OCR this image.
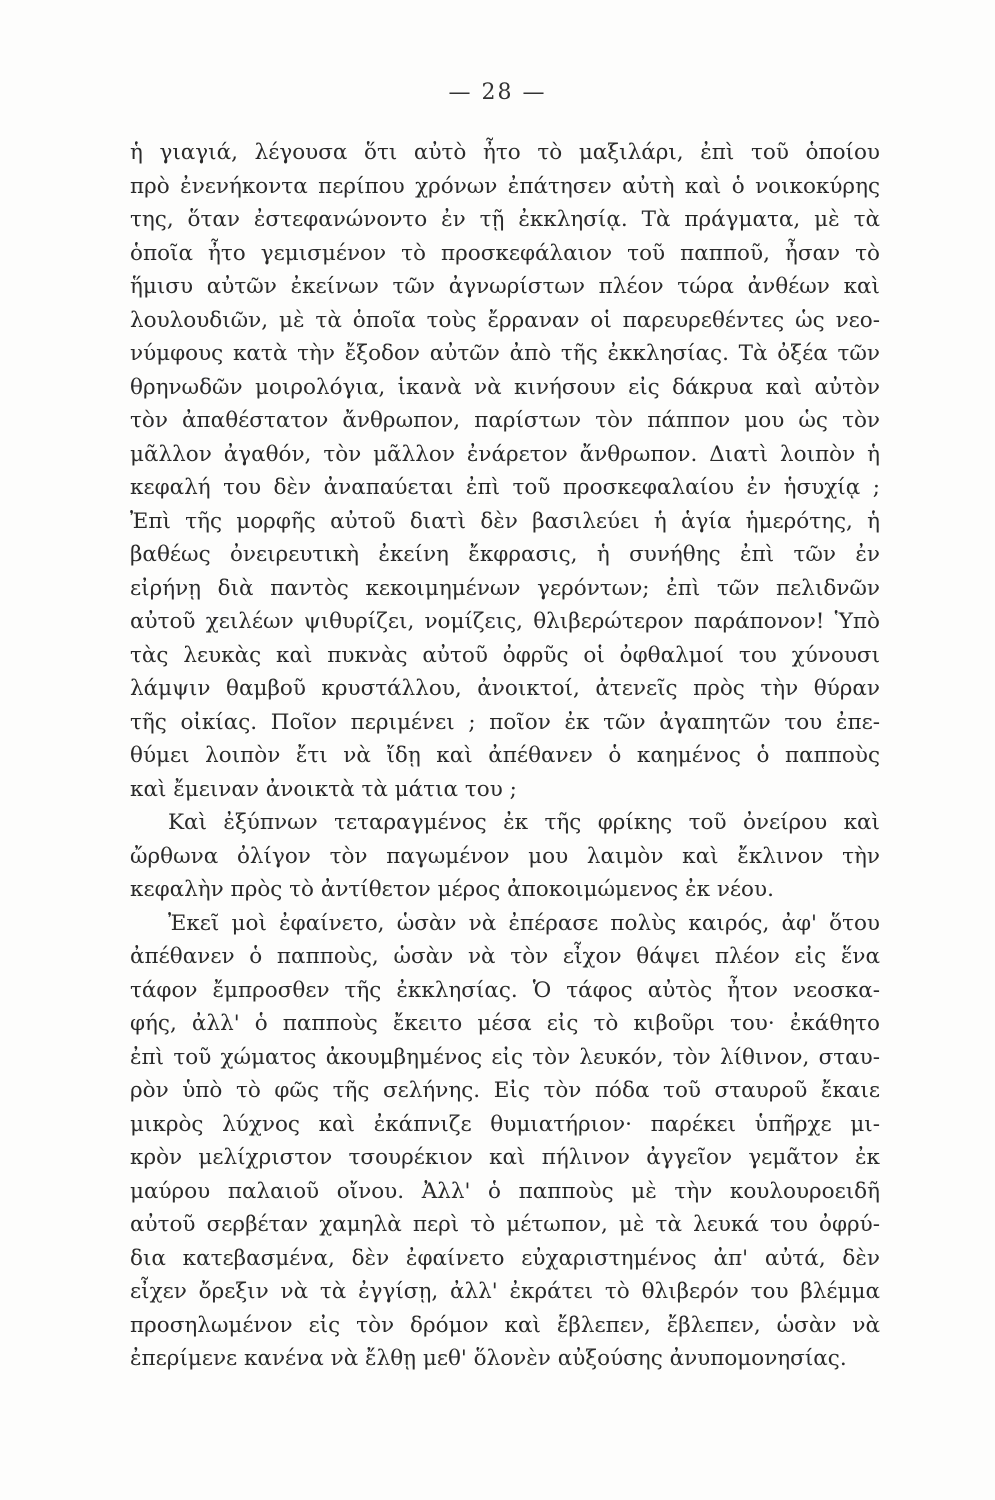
— 28 —
ἡ γιαγιά, λέγουσα ὅτι αὐτὸ ἦτο τὸ μαξιλάρι, ἐπὶ τοῦ ὁποίου
πρὸ ἐνενήκοντα περίπου χρόνων ἐπάτησεν αὐτὴ καὶ ὁ νοικοκύρης
της, ὅταν ἐστεφανώνοντο ἐν τῇ ἐκκλησίᾳ. Τὰ πράγματα, μὲ τὰ
ὁποῖα ἦτο γεμισμένον τὸ προσκεφάλαιον τοῦ παπποῦ, ἦσαν τὸ
ἥμισυ αὐτῶν ἐκείνων τῶν ἀγνωρίστων πλέον τώρα ἀνθέων καὶ
λουλουδιῶν, μὲ τὰ ὁποῖα τοὺς ἔρραναν οἱ παρευρεθέντες ὡς νεο-
νύμφους κατὰ τὴν ἔξοδον αὐτῶν ἀπὸ τῆς ἐκκλησίας. Τὰ ὀξέα τῶν
θρηνωδῶν μοιρολόγια, ἱκανὰ νὰ κινήσουν εἰς δάκρυα καὶ αὐτὸν
τὸν ἀπαθέστατον ἄνθρωπον, παρίστων τὸν πάππον μου ὡς τὸν
μᾶλλον ἀγαθόν, τὸν μᾶλλον ἐνάρετον ἄνθρωπον. Διατὶ λοιπὸν ἡ
κεφαλή του δὲν ἀναπαύεται ἐπὶ τοῦ προσκεφαλαίου ἐν ἡσυχίᾳ ;
Ἐπὶ τῆς μορφῆς αὐτοῦ διατὶ δὲν βασιλεύει ἡ ἁγία ἡμερότης, ἡ
βαθέως ὀνειρευτικὴ ἐκείνη ἔκφρασις, ἡ συνήθης ἐπὶ τῶν ἐν
εἰρήνῃ διὰ παντὸς κεκοιμημένων γερόντων; ἐπὶ τῶν πελιδνῶν
αὐτοῦ χειλέων ψιθυρίζει, νομίζεις, θλιβερώτερον παράπονον! Ὑπὸ
τὰς λευκὰς καὶ πυκνὰς αὐτοῦ ὀφρῦς οἱ ὀφθαλμοί του χύνουσι
λάμψιν θαμβοῦ κρυστάλλου, ἀνοικτοί, ἀτενεῖς πρὸς τὴν θύραν
τῆς οἰκίας. Ποῖον περιμένει ; ποῖον ἐκ τῶν ἀγαπητῶν του ἐπε-
θύμει λοιπὸν ἔτι νὰ ἴδῃ καὶ ἀπέθανεν ὁ καημένος ὁ παπποὺς
καὶ ἔμειναν ἀνοικτὰ τὰ μάτια του ;
Καὶ ἐξύπνων τεταραγμένος ἐκ τῆς φρίκης τοῦ ὀνείρου καὶ
ὤρθωνα ὀλίγον τὸν παγωμένον μου λαιμὸν καὶ ἔκλινον τὴν
κεφαλὴν πρὸς τὸ ἀντίθετον μέρος ἀποκοιμώμενος ἐκ νέου.
Ἐκεῖ μοὶ ἐφαίνετο, ὡσὰν νὰ ἐπέρασε πολὺς καιρός, ἀφ' ὅτου
ἀπέθανεν ὁ παπποὺς, ὡσὰν νὰ τὸν εἶχον θάψει πλέον εἰς ἕνα
τάφον ἔμπροσθεν τῆς ἐκκλησίας. Ὁ τάφος αὐτὸς ἦτον νεοσκα-
φής, ἀλλ' ὁ παπποὺς ἔκειτο μέσα εἰς τὸ κιβοῦρι του· ἐκάθητο
ἐπὶ τοῦ χώματος ἀκουμβημένος εἰς τὸν λευκόν, τὸν λίθινον, σταυ-
ρὸν ὑπὸ τὸ φῶς τῆς σελήνης. Εἰς τὸν πόδα τοῦ σταυροῦ ἔκαιε
μικρὸς λύχνος καὶ ἐκάπνιζε θυμιατήριον· παρέκει ὑπῆρχε μι-
κρὸν μελίχριστον τσουρέκιον καὶ πήλινον ἀγγεῖον γεμᾶτον ἐκ
μαύρου παλαιοῦ οἴνου. Ἀλλ' ὁ παπποὺς μὲ τὴν κουλουροειδῆ
αὐτοῦ σερβέταν χαμηλὰ περὶ τὸ μέτωπον, μὲ τὰ λευκά του ὀφρύ-
δια κατεβασμένα, δὲν ἐφαίνετο εὐχαριστημένος ἀπ' αὐτά, δὲν
εἶχεν ὄρεξιν νὰ τὰ ἐγγίσῃ, ἀλλ' ἐκράτει τὸ θλιβερόν του βλέμμα
προσηλωμένον εἰς τὸν δρόμον καὶ ἔβλεπεν, ἔβλεπεν, ὡσὰν νὰ
ἐπερίμενε κανένα νὰ ἔλθῃ μεθ' ὅλονὲν αὐξούσης ἀνυπομονησίας.
